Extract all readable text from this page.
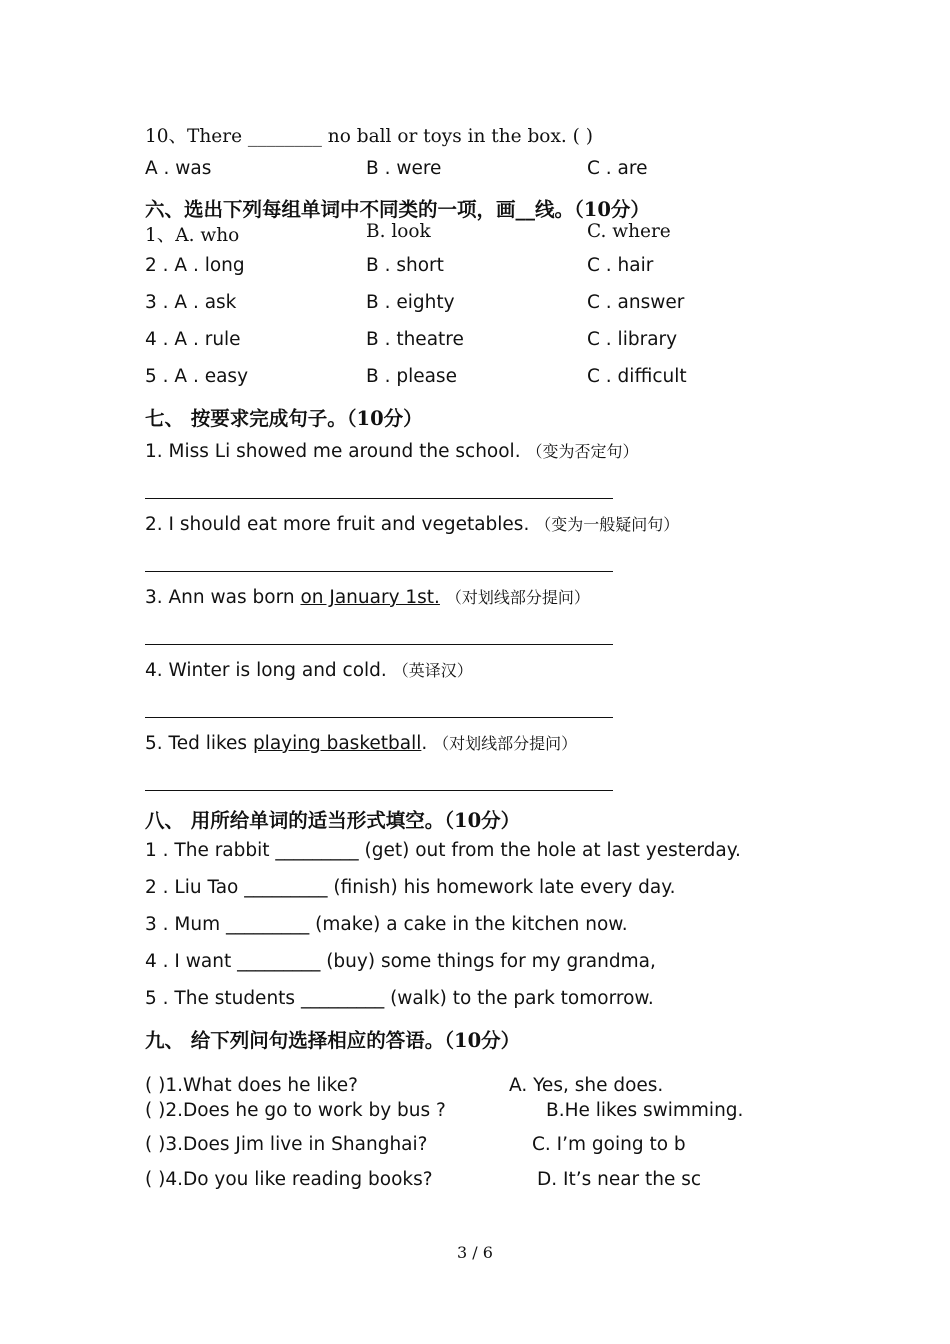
10、There ________ no ball or toys in the box. ( )
A . was	B . were	C . are
六、选出下列每组单词中不同类的一项，画__线。（10分）
1、A. who	B. look	C. where
2 . A . long	B . short	C . hair
3 . A . ask	B . eighty	C . answer
4 . A . rule	B . theatre	C . library
5 . A . easy	B . please	C . difficult
七、 按要求完成句子。（10分）
1. Miss Li showed me around the school. （变为否定句）
2. I should eat more fruit and vegetables. （变为一般疑问句）
3. Ann was born on January 1st. （对划线部分提问）
4. Winter is long and cold. （英译汉）
5. Ted likes playing basketball. （对划线部分提问）
八、 用所给单词的适当形式填空。（10分）
1 . The rabbit _________ (get) out from the hole at last yesterday.
2 . Liu Tao _________ (finish) his homework late every day.
3 . Mum _________ (make) a cake in the kitchen now.
4 . I want _________ (buy) some things for my grandma,
5 . The students _________ (walk) to the park tomorrow.
九、 给下列问句选择相应的答语。（10分）
( )1.What does he like?	A. Yes, she does.
( )2.Does he go to work by bus ?	B.He likes swimming.
( )3.Does Jim live in Shanghai?	C. I’m going to b
( )4.Do you like reading books?	D. It’s near the sc
3 / 6
